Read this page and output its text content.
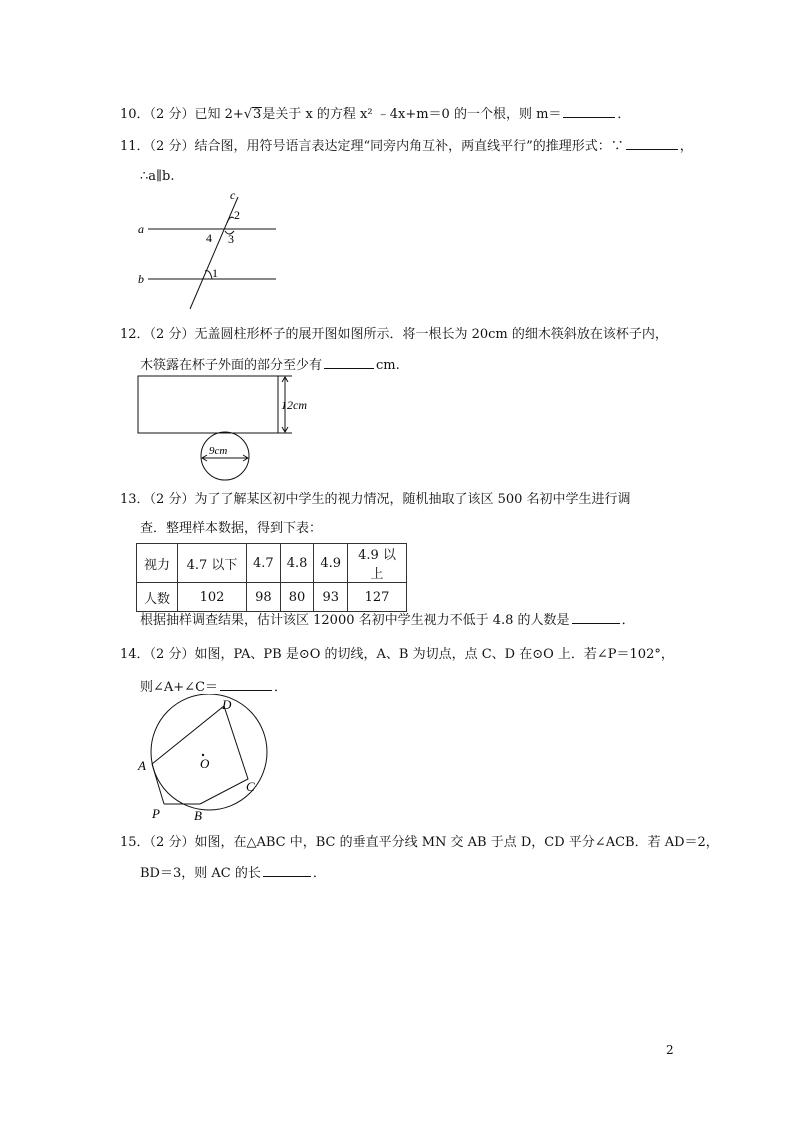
10．（2 分）已知 2+√3是关于 x 的方程 x² ﹣4x+m＝0 的一个根，则 m＝	．
11．（2 分）结合图，用符号语言表达定理“同旁内角互补，两直线平行”的推理形式：∵	，
∴a∥b.
c
a
b
2
4 3
1
12．（2 分）无盖圆柱形杯子的展开图如图所示．将一根长为 20cm 的细木筷斜放在该杯子内，
木筷露在杯子外面的部分至少有	cm.
12cm
9cm
13．（2 分）为了了解某区初中学生的视力情况，随机抽取了该区 500 名初中学生进行调
查．整理样本数据，得到下表：
视力	4.7 以下	4.7	4.8	4.9	4.9 以上
人数	102	98	80	93	127
根据抽样调查结果，估计该区 12000 名初中学生视力不低于 4.8 的人数是	．
14．（2 分）如图，PA、PB 是⊙O 的切线，A、B 为切点，点 C、D 在⊙O 上．若∠P＝102°，
则∠A+∠C＝	．
O
A
D
C
B
P
15．（2 分）如图，在△ABC 中，BC 的垂直平分线 MN 交 AB 于点 D，CD 平分∠ACB．若 AD＝2，
BD＝3，则 AC 的长	．
2
